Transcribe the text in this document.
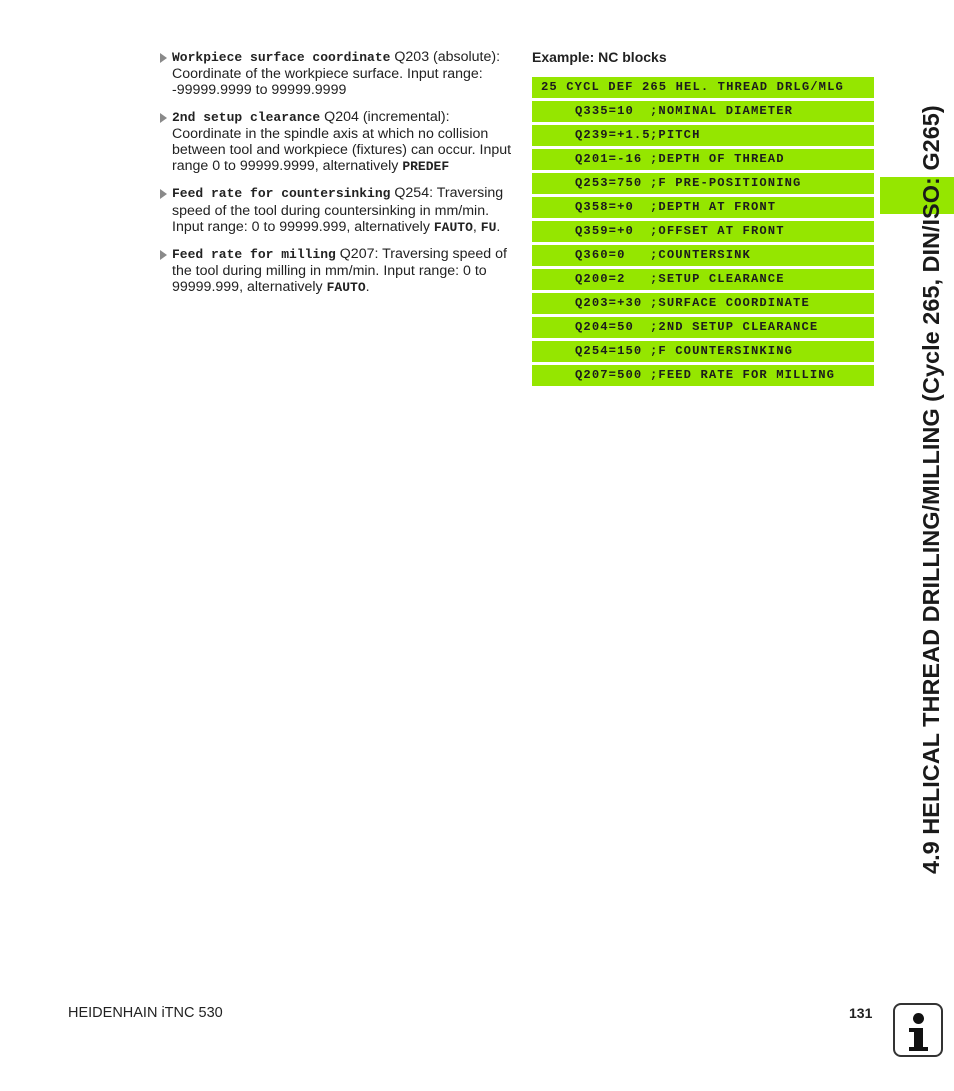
Workpiece surface coordinate Q203 (absolute): Coordinate of the workpiece surface. Input range: -99999.9999 to 99999.9999
2nd setup clearance Q204 (incremental): Coordinate in the spindle axis at which no collision between tool and workpiece (fixtures) can occur. Input range 0 to 99999.9999, alternatively PREDEF
Feed rate for countersinking Q254: Traversing speed of the tool during countersinking in mm/min. Input range: 0 to 99999.999, alternatively FAUTO, FU.
Feed rate for milling Q207: Traversing speed of the tool during milling in mm/min. Input range: 0 to 99999.999, alternatively FAUTO.
Example: NC blocks
25 CYCL DEF 265 HEL. THREAD DRLG/MLG
Q335=10 ;NOMINAL DIAMETER
Q239=+1.5;PITCH
Q201=-16 ;DEPTH OF THREAD
Q253=750 ;F PRE-POSITIONING
Q358=+0 ;DEPTH AT FRONT
Q359=+0 ;OFFSET AT FRONT
Q360=0 ;COUNTERSINK
Q200=2 ;SETUP CLEARANCE
Q203=+30 ;SURFACE COORDINATE
Q204=50 ;2ND SETUP CLEARANCE
Q254=150 ;F COUNTERSINKING
Q207=500 ;FEED RATE FOR MILLING	4.9 HELICAL THREAD DRILLING/MILLING (Cycle 265, DIN/ISO: G265)
HEIDENHAIN iTNC 530	131
